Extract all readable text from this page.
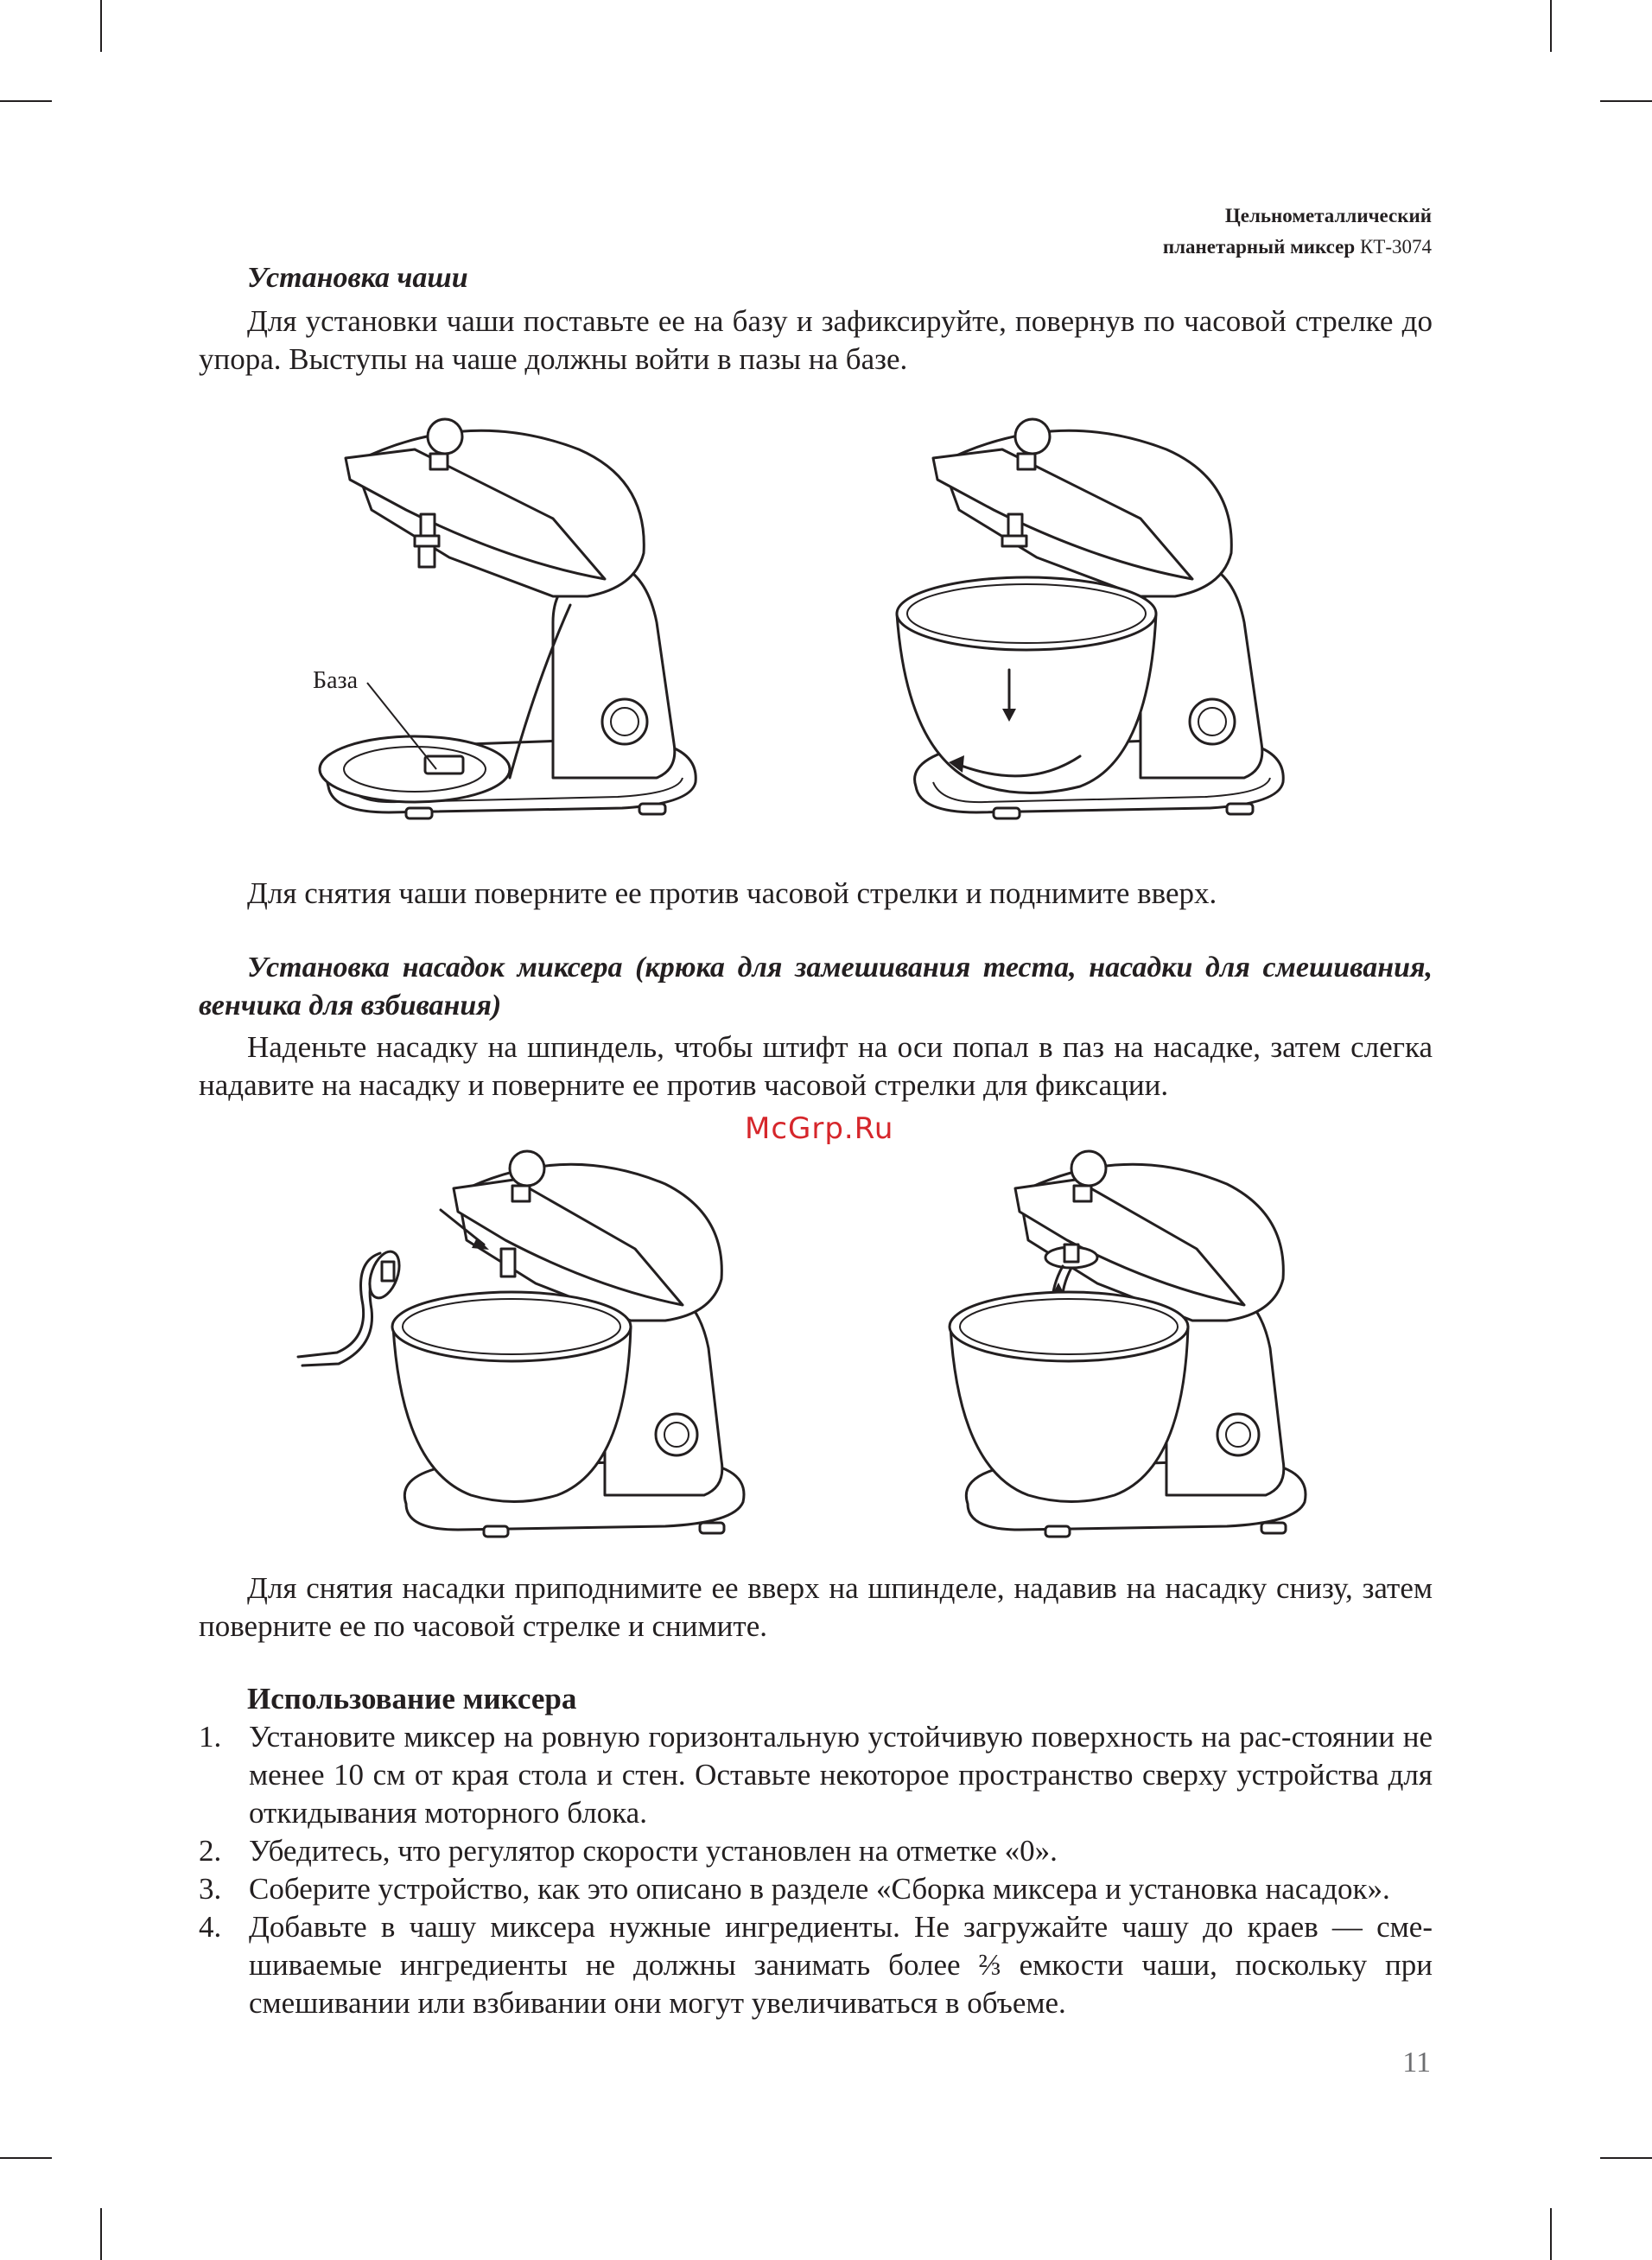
Цельнометаллический
планетарный миксер КТ-3074
Установка чаши
Для установки чаши поставьте ее на базу и зафиксируйте, повернув по часовой стрелке до упора. Выступы на чаше должны войти в пазы на базе.
База
Для снятия чаши поверните ее против часовой стрелки и поднимите вверх.
Установка насадок миксера (крюка для замешивания теста, насадки для смешивания, венчика для взбивания)
Наденьте насадку на шпиндель, чтобы штифт на оси попал в паз на насадке, затем слегка надавите на насадку и поверните ее против часовой стрелки для фиксации.
McGrp.Ru
Для снятия насадки приподнимите ее вверх на шпинделе, надавив на насадку снизу, затем поверните ее по часовой стрелке и снимите.
Использование миксера
1. Установите миксер на ровную горизонтальную устойчивую поверхность на рас-стоянии не менее 10 см от края стола и стен. Оставьте некоторое пространство сверху устройства для откидывания моторного блока.
2. Убедитесь, что регулятор скорости установлен на отметке «0».
3. Соберите устройство, как это описано в разделе «Сборка миксера и установка насадок».
4. Добавьте в чашу миксера нужные ингредиенты. Не загружайте чашу до краев — сме-шиваемые ингредиенты не должны занимать более ⅔ емкости чаши, поскольку при смешивании или взбивании они могут увеличиваться в объеме.
11
